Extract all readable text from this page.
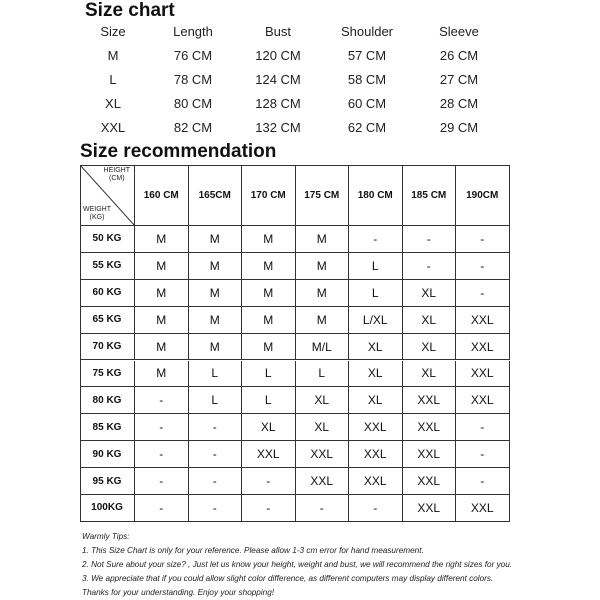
Size chart
Size	Length	Bust	Shoulder	Sleeve
M	76 CM	120 CM	57 CM	26 CM
L	78 CM	124 CM	58 CM	27 CM
XL	80 CM	128 CM	60 CM	28 CM
XXL	82 CM	132 CM	62 CM	29 CM
Size recommendation
HEIGHT
(CM)
WEIGHT
(KG)
160 CM	165CM	170 CM	175 CM	180 CM	185 CM	190CM
50 KG	M	M	M	M	-	-	-
55 KG	M	M	M	M	L	-	-
60 KG	M	M	M	M	L	XL	-
65 KG	M	M	M	M	L/XL	XL	XXL
70 KG	M	M	M	M/L	XL	XL	XXL
75 KG	M	L	L	L	XL	XL	XXL
80 KG	-	L	L	XL	XL	XXL	XXL
85 KG	-	-	XL	XL	XXL	XXL	-
90 KG	-	-	XXL	XXL	XXL	XXL	-
95 KG	-	-	-	XXL	XXL	XXL	-
100KG	-	-	-	-	-	XXL	XXL
Warmly Tips:
1. This Size Chart is only for your reference. Please allow 1-3 cm error for hand measurement.
2. Not Sure about your size? , Just let us know your height, weight and bust, we will recommend the right sizes for you.
3. We appreciate that if you could allow slight color difference, as different computers may display different colors.
Thanks for your understanding. Enjoy your shopping!
